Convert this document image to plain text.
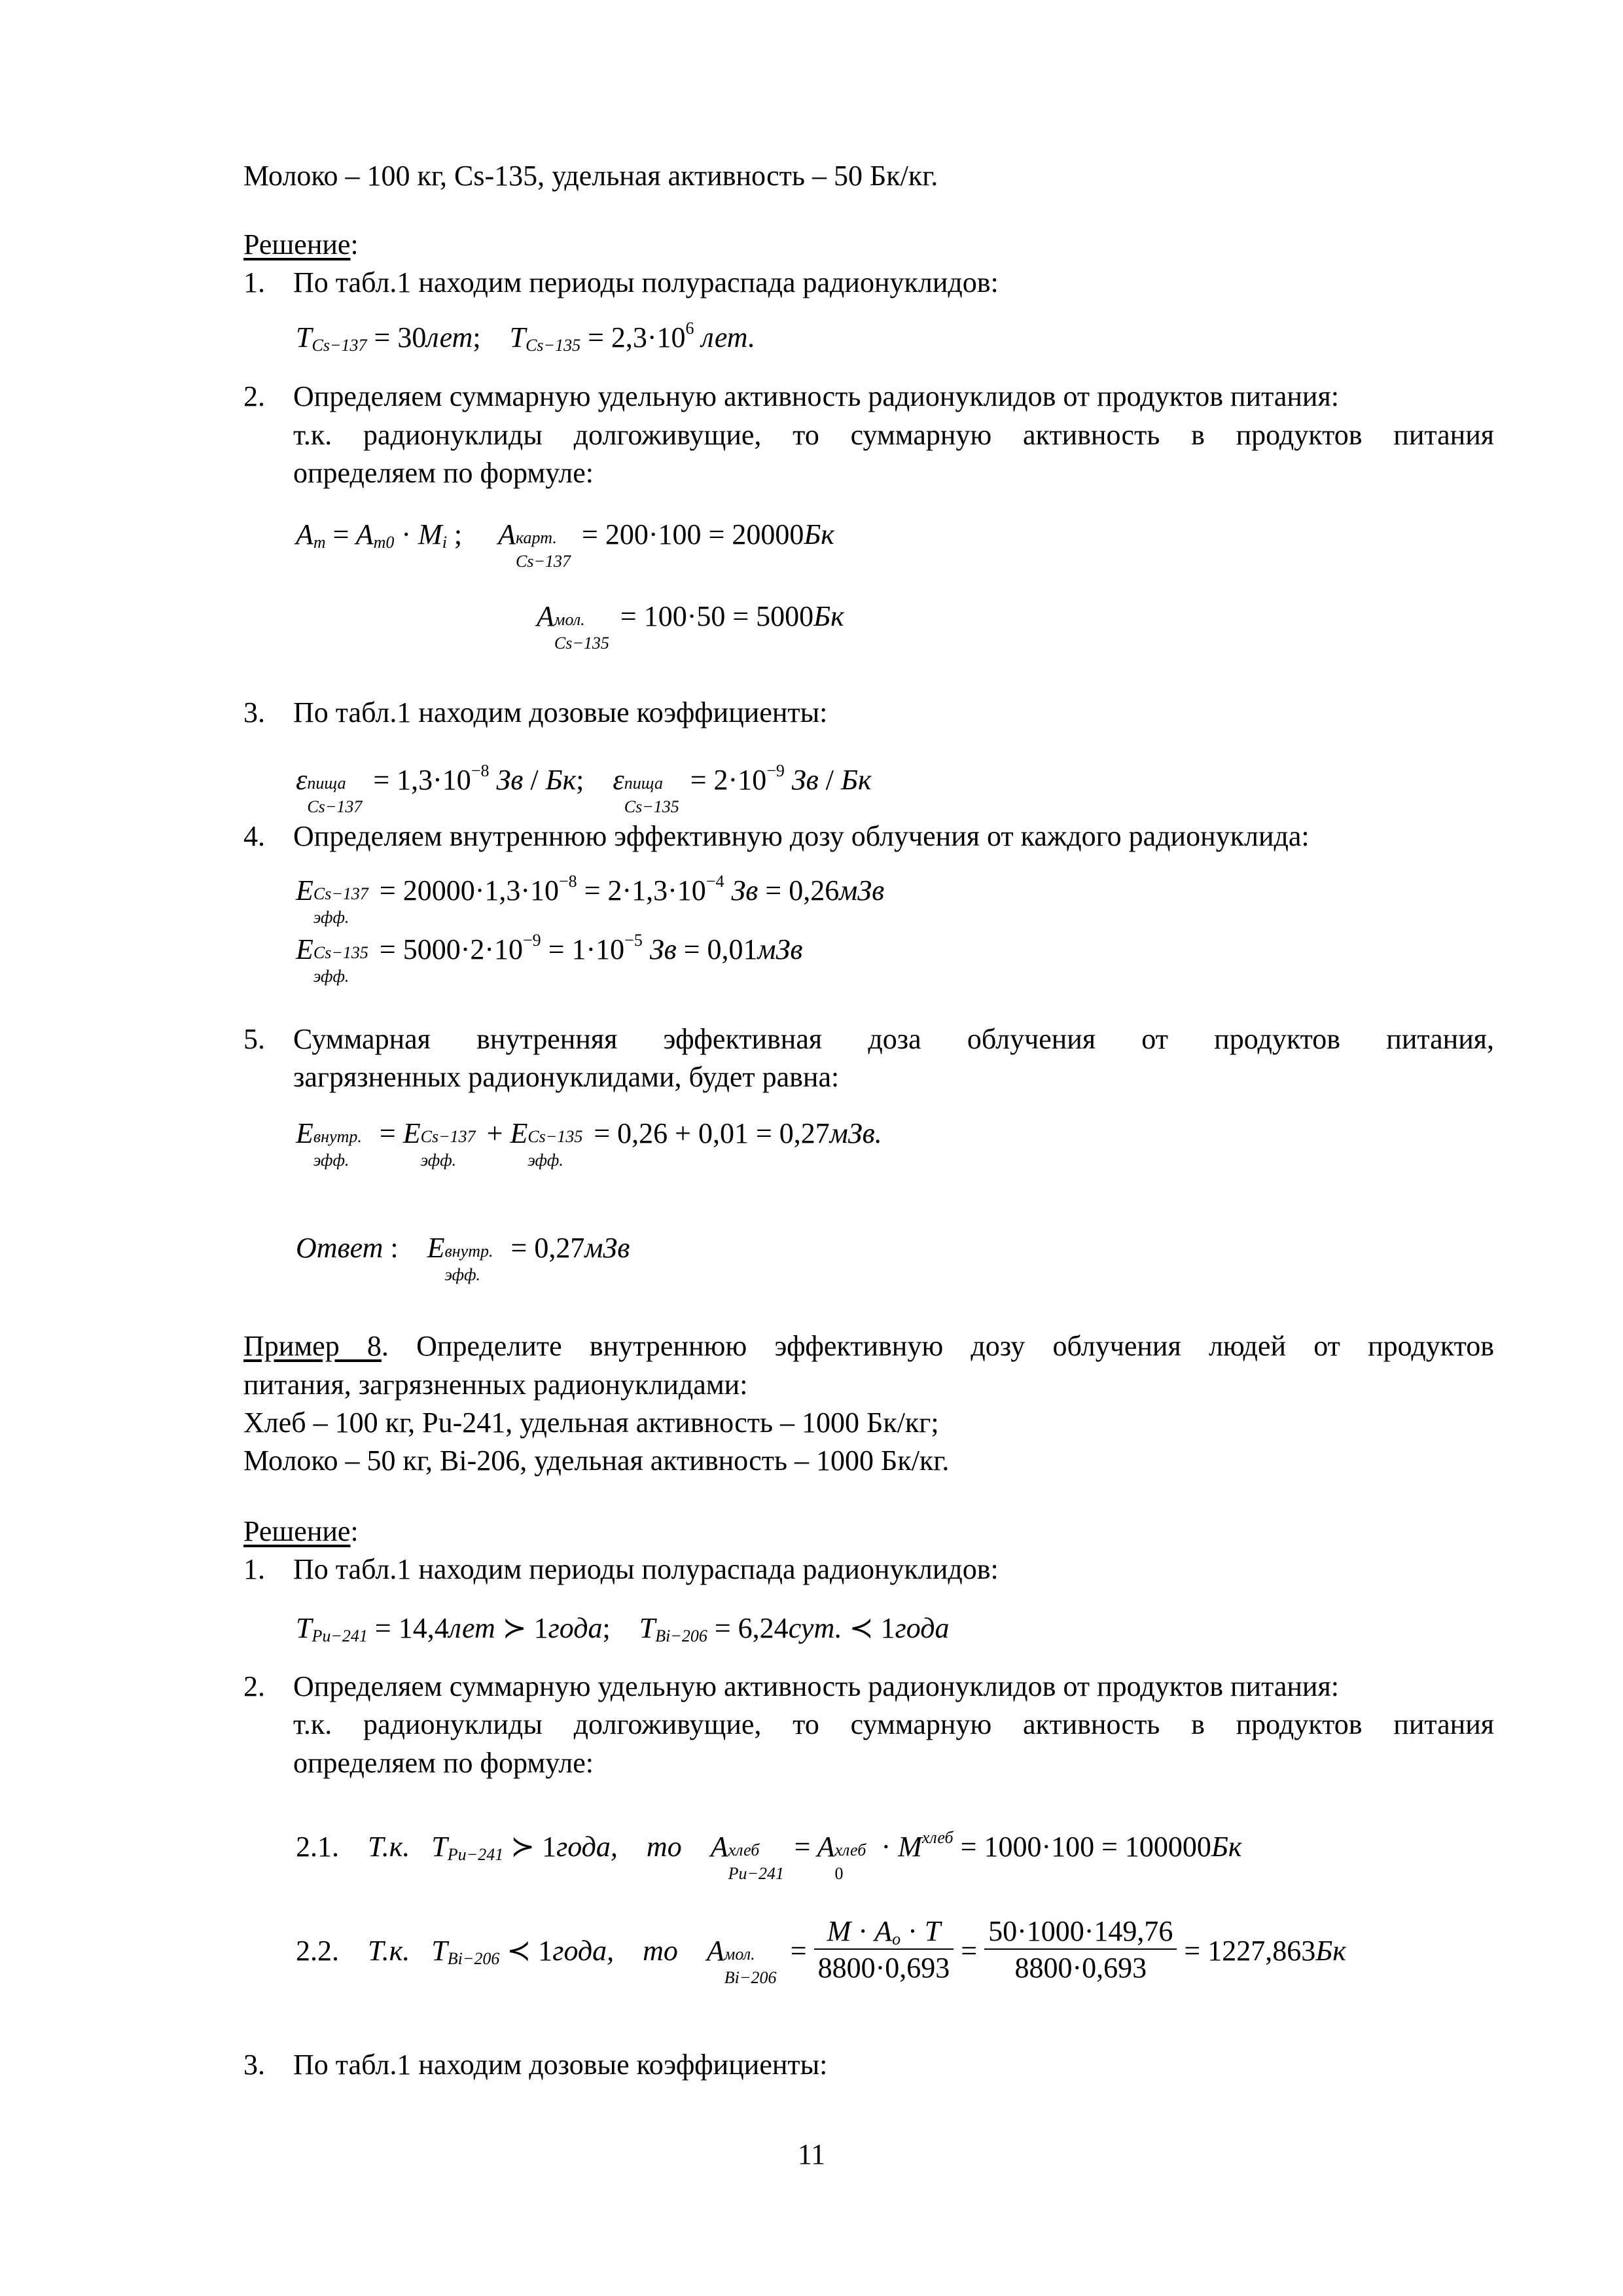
Молоко – 100 кг, Cs-135, удельная активность – 50 Бк/кг.
Решение:
1. По табл.1 находим периоды полураспада радионуклидов:
$T_{Cs-137} = 30лет$;    $T_{Cs-135} = 2,3\cdot 10^6$ лет.
2. Определяем суммарную удельную активность радионуклидов от продуктов питания:
т.к. радионуклиды долгоживущие, то суммарную активность в продуктов питания
определяем по формуле:
$A_m = A_{m0} \cdot M_i$ ;     A карт.
Cs−137
= 200·100 = 20000Бк
A мол.
Cs−135
= 100·50 = 5000Бк
3. По табл.1 находим дозовые коэффициенты:
ε пища
Cs−137
= $1,3\cdot 10^{-8}$ Зв / Бк;    ε пища
Cs−135
= $2\cdot 10^{-9}$ Зв / Бк
4. Определяем внутреннюю эффективную дозу облучения от каждого радионуклида:
E Cs−137
эфф.
= $20000\cdot 1,3\cdot 10^{-8} = 2\cdot 1,3\cdot 10^{-4}$ Зв = 0,26мЗв
E Cs−135
эфф.
= $5000\cdot 2\cdot 10^{-9} = 1\cdot 10^{-5}$ Зв = 0,01мЗв
5. Суммарная внутренняя эффективная доза облучения от продуктов питания,
загрязненных радионуклидами, будет равна:
E внутр.
эфф.
= E Cs−137
эфф.
+ E Cs−135
эфф.
= 0,26 + 0,01 = 0,27мЗв.
Ответ :    E внутр.
эфф.
= 0,27мЗв
Пример 8. Определите внутреннюю эффективную дозу облучения людей от продуктов
питания, загрязненных радионуклидами:
Хлеб – 100 кг, Pu-241, удельная активность – 1000 Бк/кг;
Молоко – 50 кг, Bi-206, удельная активность – 1000 Бк/кг.
Решение:
1. По табл.1 находим периоды полураспада радионуклидов:
$T_{Pu-241} = 14,4лет$ ≻ 1года;    $T_{Bi-206} = 6,24сут$. ≺ 1года
2. Определяем суммарную удельную активность радионуклидов от продуктов питания:
т.к. радионуклиды долгоживущие, то суммарную активность в продуктов питания
определяем по формуле:
2.1.    Т.к.   $T_{Pu-241}$ ≻ 1года,    то    A хлеб
Pu−241
= A хлеб
0
· $M^{хлеб} = 1000\cdot 100 = 100000Бк$
2.2.    Т.к.   $T_{Bi-206}$ ≺ 1года,    то    A мол.
Bi−206
= $\frac{M \cdot A_o \cdot T}{8800\cdot 0,693} = \frac{50\cdot 1000\cdot 149,76}{8800\cdot 0,693} = 1227,863Бк$
3. По табл.1 находим дозовые коэффициенты:
11
